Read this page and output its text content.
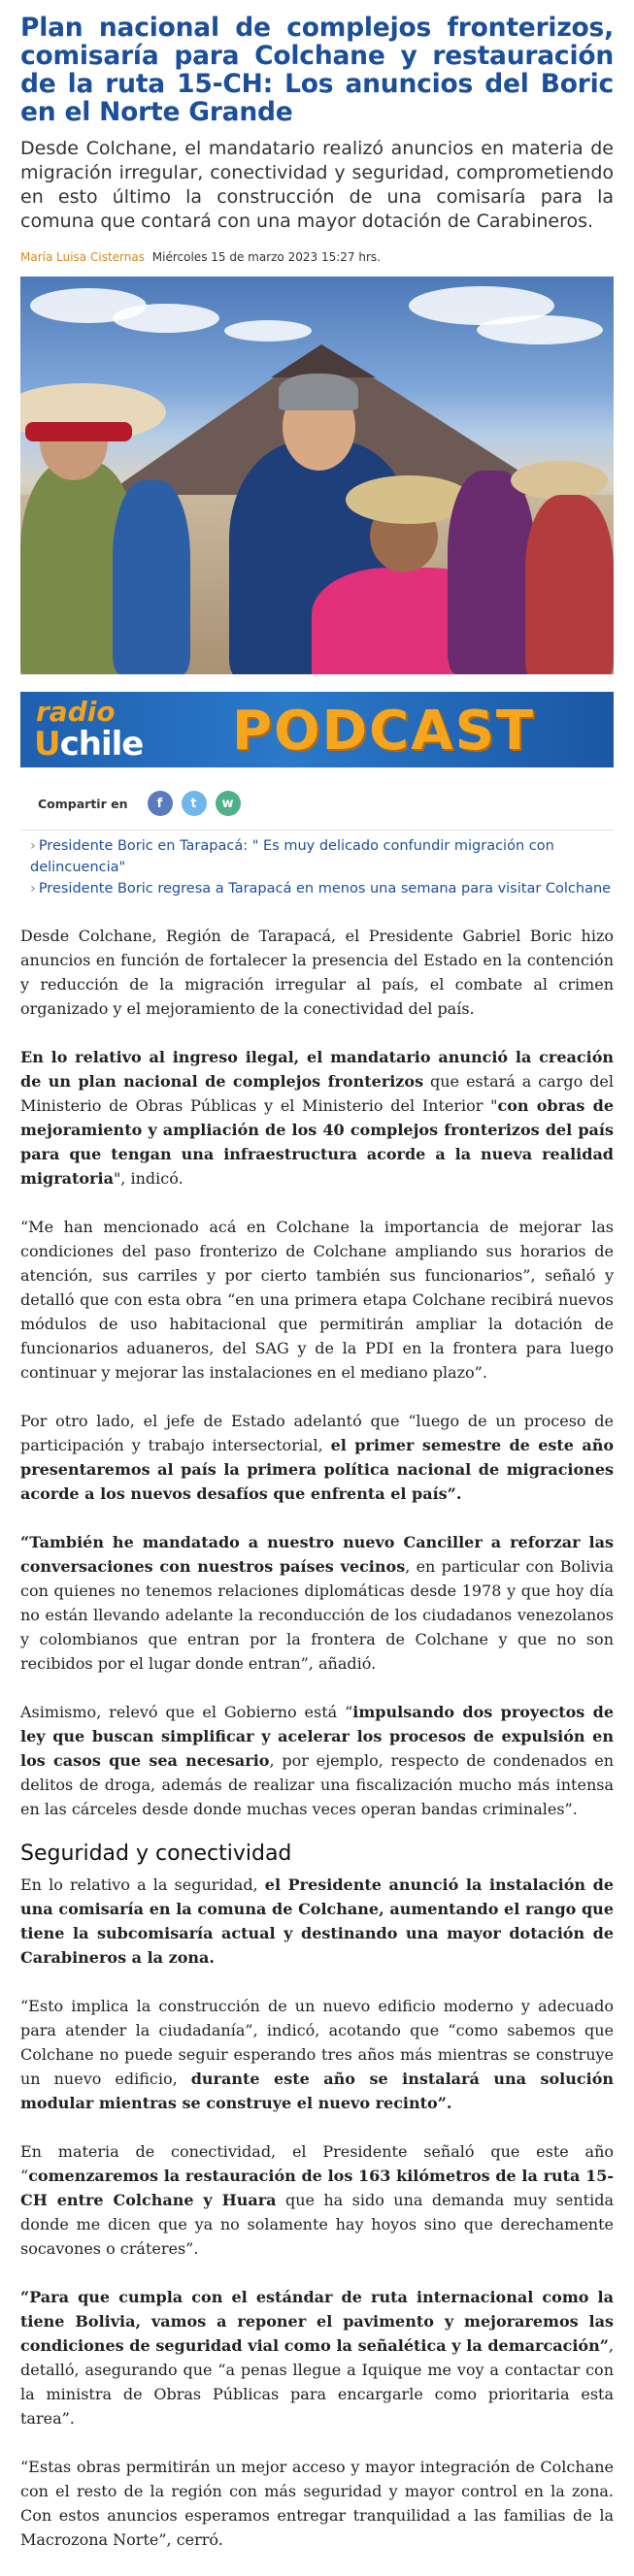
Plan nacional de complejos fronterizos, comisaría para Colchane y restauración de la ruta 15-CH: Los anuncios del Boric en el Norte Grande

Desde Colchane, el mandatario realizó anuncios en materia de migración irregular, conectividad y seguridad, comprometiendo en esto último la construcción de una comisaría para la comuna que contará con una mayor dotación de Carabineros.

María Luisa Cisternas Miércoles 15 de marzo 2023 15:27 hrs.
radio
Uchile PODCAST
Compartir en	f	t	w
› Presidente Boric en Tarapacá: " Es muy delicado confundir migración con delincuencia"
› Presidente Boric regresa a Tarapacá en menos una semana para visitar Colchane

Desde Colchane, Región de Tarapacá, el Presidente Gabriel Boric hizo anuncios en función de fortalecer la presencia del Estado en la contención y reducción de la migración irregular al país, el combate al crimen organizado y el mejoramiento de la conectividad del país.

En lo relativo al ingreso ilegal, el mandatario anunció la creación de un plan nacional de complejos fronterizos que estará a cargo del Ministerio de Obras Públicas y el Ministerio del Interior "con obras de mejoramiento y ampliación de los 40 complejos fronterizos del país para que tengan una infraestructura acorde a la nueva realidad migratoria", indicó.

“Me han mencionado acá en Colchane la importancia de mejorar las condiciones del paso fronterizo de Colchane ampliando sus horarios de atención, sus carriles y por cierto también sus funcionarios”, señaló y detalló que con esta obra “en una primera etapa Colchane recibirá nuevos módulos de uso habitacional que permitirán ampliar la dotación de funcionarios aduaneros, del SAG y de la PDI en la frontera para luego continuar y mejorar las instalaciones en el mediano plazo”.

Por otro lado, el jefe de Estado adelantó que “luego de un proceso de participación y trabajo intersectorial, el primer semestre de este año presentaremos al país la primera política nacional de migraciones acorde a los nuevos desafíos que enfrenta el país”.

“También he mandatado a nuestro nuevo Canciller a reforzar las conversaciones con nuestros países vecinos, en particular con Bolivia con quienes no tenemos relaciones diplomáticas desde 1978 y que hoy día no están llevando adelante la reconducción de los ciudadanos venezolanos y colombianos que entran por la frontera de Colchane y que no son recibidos por el lugar donde entran”, añadió.

Asimismo, relevó que el Gobierno está “impulsando dos proyectos de ley que buscan simplificar y acelerar los procesos de expulsión en los casos que sea necesario, por ejemplo, respecto de condenados en delitos de droga, además de realizar una fiscalización mucho más intensa en las cárceles desde donde muchas veces operan bandas criminales”.

Seguridad y conectividad

En lo relativo a la seguridad, el Presidente anunció la instalación de una comisaría en la comuna de Colchane, aumentando el rango que tiene la subcomisaría actual y destinando una mayor dotación de Carabineros a la zona.

“Esto implica la construcción de un nuevo edificio moderno y adecuado para atender la ciudadanía”, indicó, acotando que “como sabemos que Colchane no puede seguir esperando tres años más mientras se construye un nuevo edificio, durante este año se instalará una solución modular mientras se construye el nuevo recinto”.

En materia de conectividad, el Presidente señaló que este año “comenzaremos la restauración de los 163 kilómetros de la ruta 15-CH entre Colchane y Huara que ha sido una demanda muy sentida donde me dicen que ya no solamente hay hoyos sino que derechamente socavones o cráteres”.

“Para que cumpla con el estándar de ruta internacional como la tiene Bolivia, vamos a reponer el pavimento y mejoraremos las condiciones de seguridad vial como la señalética y la demarcación”, detalló, asegurando que “a penas llegue a Iquique me voy a contactar con la ministra de Obras Públicas para encargarle como prioritaria esta tarea”.

“Estas obras permitirán un mejor acceso y mayor integración de Colchane con el resto de la región con más seguridad y mayor control en la zona. Con estos anuncios esperamos entregar tranquilidad a las familias de la Macrozona Norte”, cerró.
